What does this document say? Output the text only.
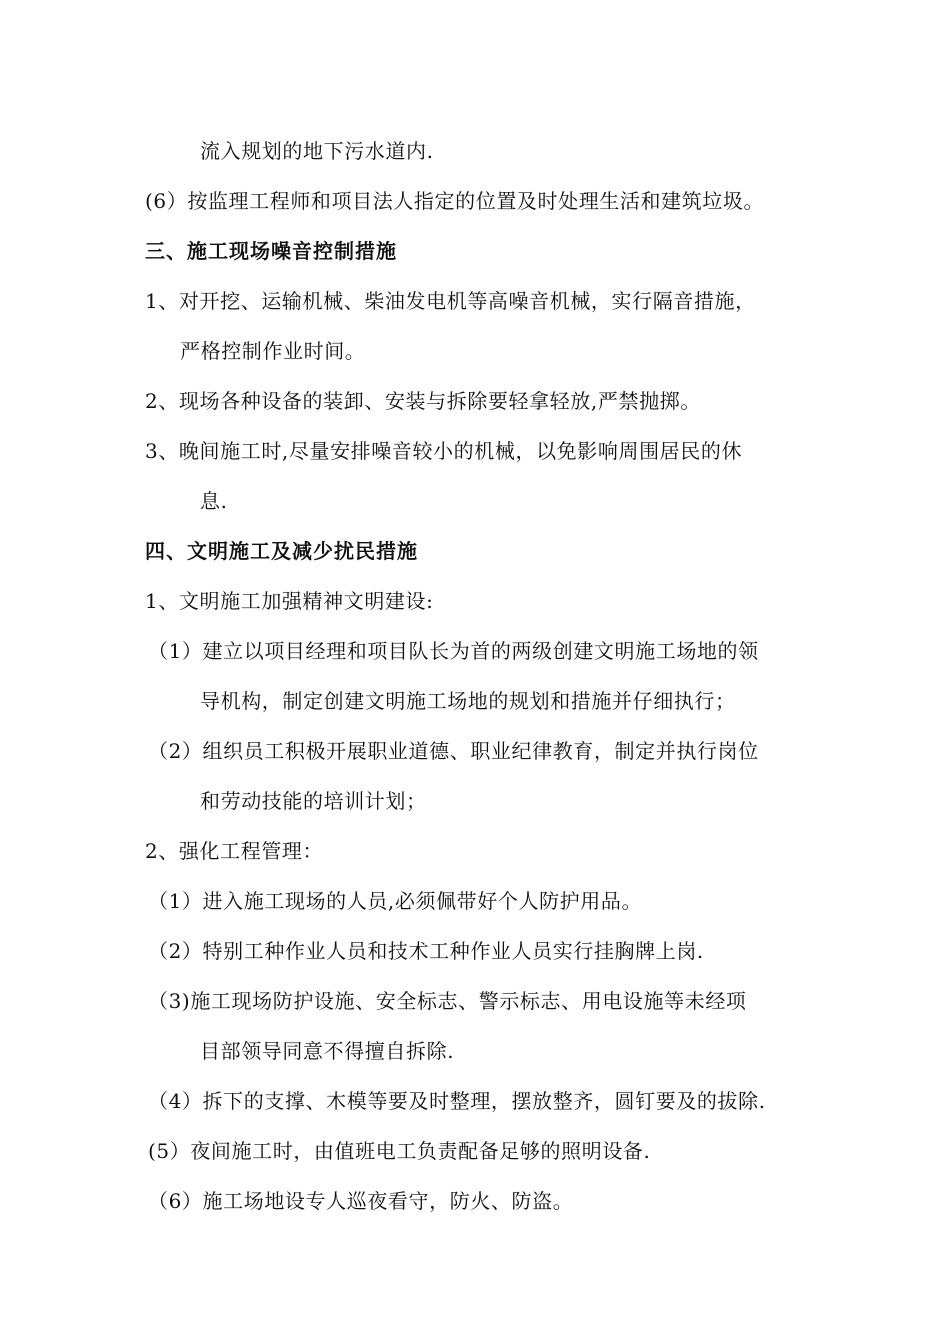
流入规划的地下污水道内.
(6）按监理工程师和项目法人指定的位置及时处理生活和建筑垃圾。
三、施工现场噪音控制措施
1、对开挖、运输机械、柴油发电机等高噪音机械，实行隔音措施，
严格控制作业时间。
2、现场各种设备的装卸、安装与拆除要轻拿轻放,严禁抛掷。
3、晚间施工时,尽量安排噪音较小的机械，以免影响周围居民的休
息.
四、文明施工及减少扰民措施
1、文明施工加强精神文明建设:
（1）建立以项目经理和项目队长为首的两级创建文明施工场地的领
导机构，制定创建文明施工场地的规划和措施并仔细执行；
（2）组织员工积极开展职业道德、职业纪律教育，制定并执行岗位
和劳动技能的培训计划；
2、强化工程管理：
（1）进入施工现场的人员,必须佩带好个人防护用品。
（2）特别工种作业人员和技术工种作业人员实行挂胸牌上岗.
（3)施工现场防护设施、安全标志、警示标志、用电设施等未经项
目部领导同意不得擅自拆除.
（4）拆下的支撑、木模等要及时整理，摆放整齐，圆钉要及的拔除.
(5）夜间施工时，由值班电工负责配备足够的照明设备.
（6）施工场地设专人巡夜看守，防火、防盗。
